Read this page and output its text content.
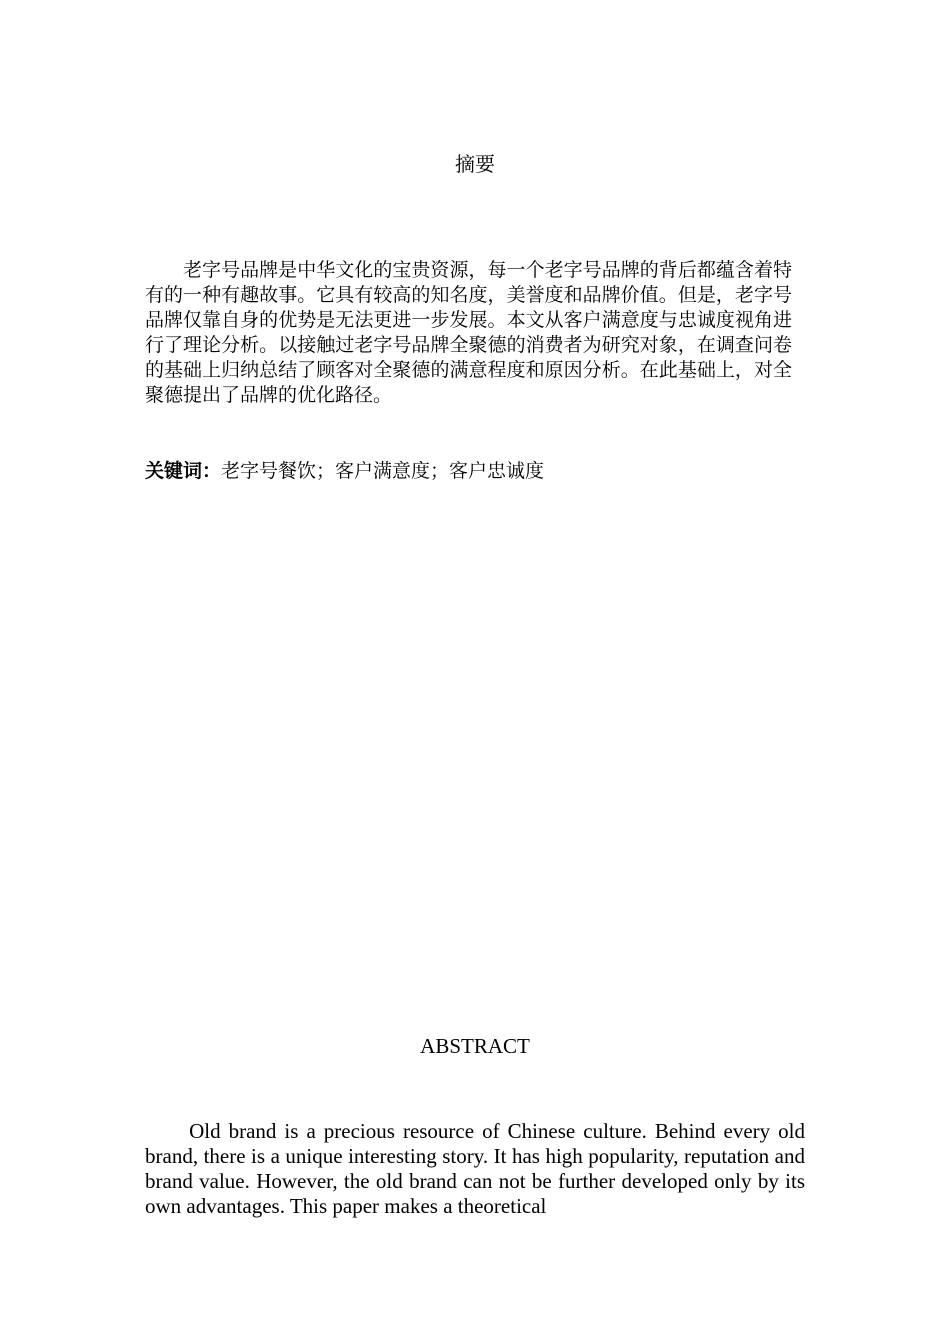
摘要

老字号品牌是中华文化的宝贵资源，每一个老字号品牌的背后都蕴含着特有的一种有趣故事。它具有较高的知名度，美誉度和品牌价值。但是，老字号品牌仅靠自身的优势是无法更进一步发展。本文从客户满意度与忠诚度视角进行了理论分析。以接触过老字号品牌全聚德的消费者为研究对象，在调查问卷的基础上归纳总结了顾客对全聚德的满意程度和原因分析。在此基础上，对全聚德提出了品牌的优化路径。

关键词：老字号餐饮；客户满意度；客户忠诚度

ABSTRACT

Old brand is a precious resource of Chinese culture. Behind every old brand, there is a unique interesting story. It has high popularity, reputation and brand value. However, the old brand can not be further developed only by its own advantages. This paper makes a theoretical
